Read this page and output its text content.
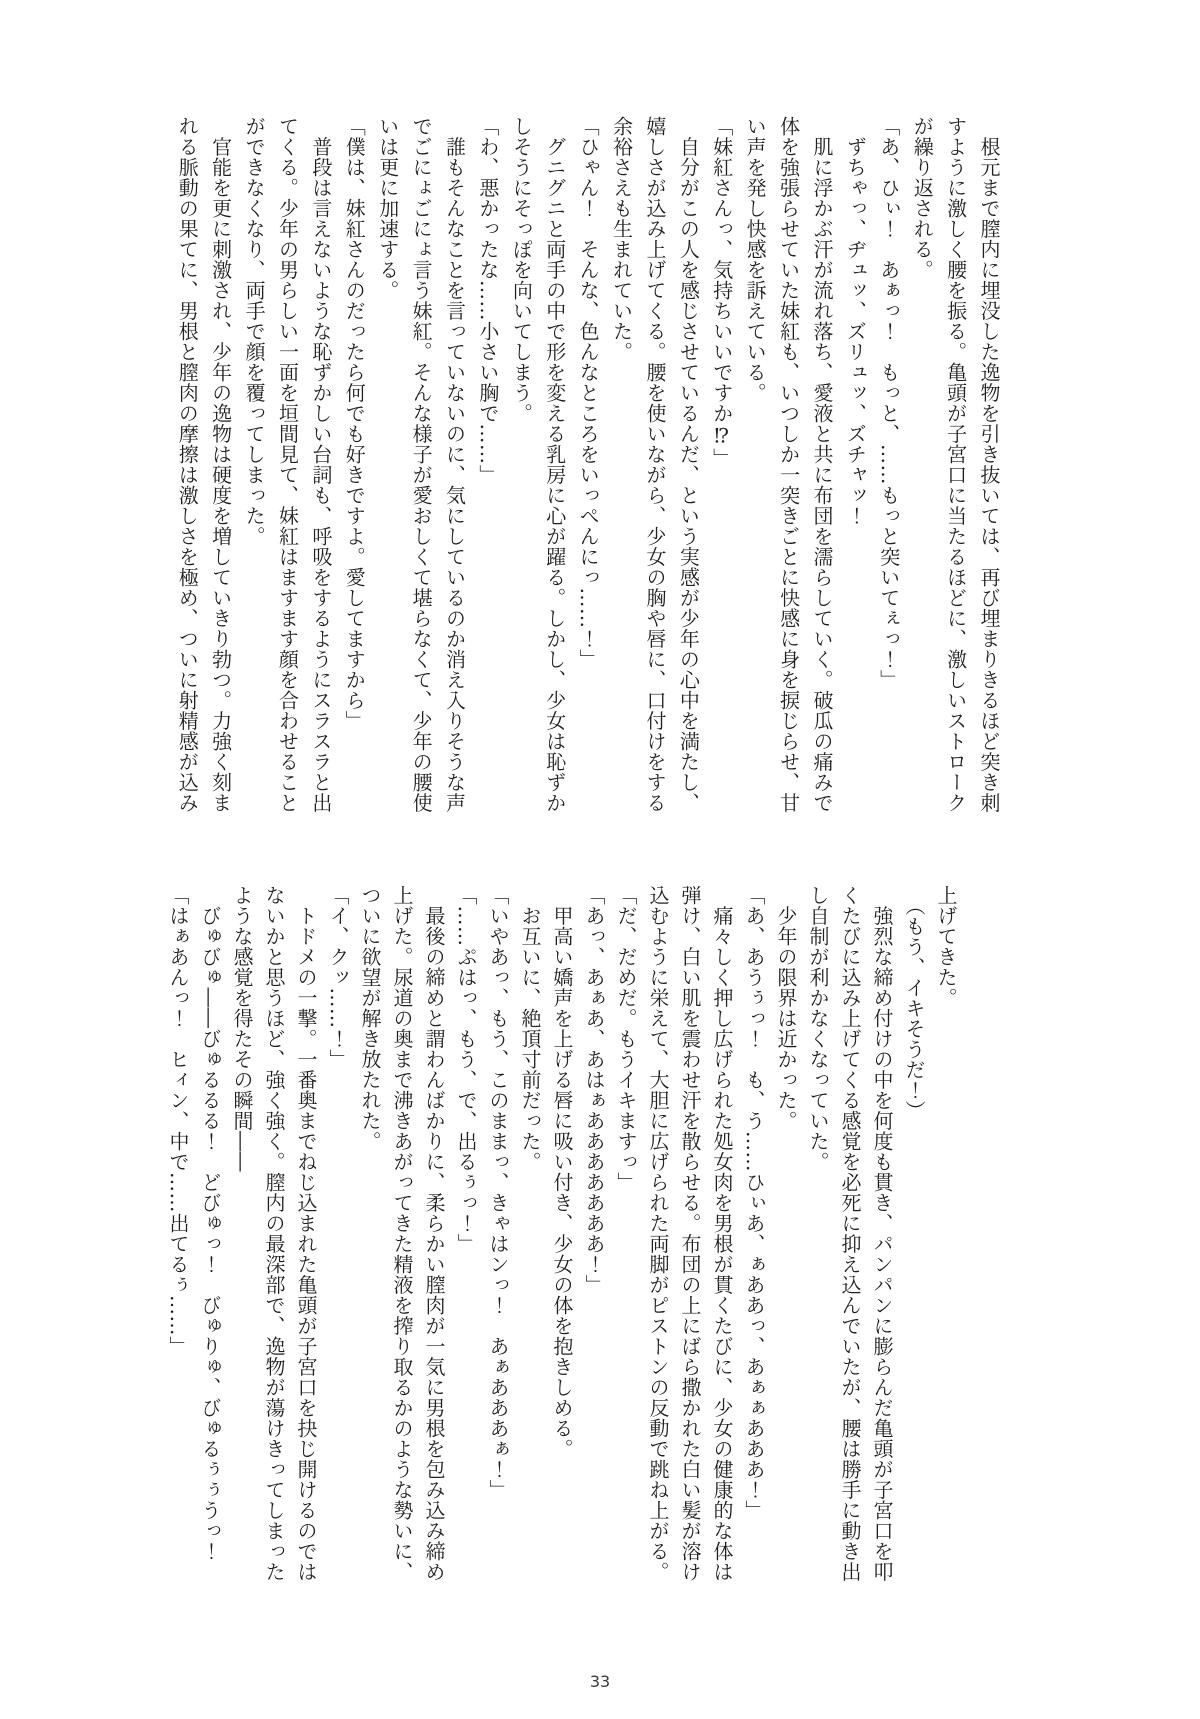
　根元まで膣内に埋没した逸物を引き抜いては、再び埋まりきるほど突き刺

すように激しく腰を振る。亀頭が子宮口に当たるほどに、激しいストローク

が繰り返される。

「あ、ひぃ！　あぁっ！　もっと、……もっと突いてぇっ！」

　ずちゃっ、ヂュッ、ズリュッ、ズチャッ！

　肌に浮かぶ汗が流れ落ち、愛液と共に布団を濡らしていく。破瓜の痛みで

体を強張らせていた妹紅も、いつしか一突きごとに快感に身を捩じらせ、甘

い声を発し快感を訴えている。

「妹紅さんっ、気持ちいいですか⁉」

　自分がこの人を感じさせているんだ、という実感が少年の心中を満たし、

嬉しさが込み上げてくる。腰を使いながら、少女の胸や唇に、口付けをする

余裕さえも生まれていた。

「ひゃん！　そんな、色んなところをいっぺんにっ……！」

　グニグニと両手の中で形を変える乳房に心が躍る。しかし、少女は恥ずか

しそうにそっぽを向いてしまう。

「わ、悪かったな……小さい胸で……」

　誰もそんなことを言っていないのに、気にしているのか消え入りそうな声

でごにょごにょ言う妹紅。そんな様子が愛おしくて堪らなくて、少年の腰使

いは更に加速する。

「僕は、妹紅さんのだったら何でも好きですよ。愛してますから」

　普段は言えないような恥ずかしい台詞も、呼吸をするようにスラスラと出

てくる。少年の男らしい一面を垣間見て、妹紅はますます顔を合わせること

ができなくなり、両手で顔を覆ってしまった。

　官能を更に刺激され、少年の逸物は硬度を増していきり勃つ。力強く刻ま

れる脈動の果てに、男根と膣肉の摩擦は激しさを極め、ついに射精感が込み

上げてきた。

　（もう、イキそうだ！）

　強烈な締め付けの中を何度も貫き、パンパンに膨らんだ亀頭が子宮口を叩

くたびに込み上げてくる感覚を必死に抑え込んでいたが、腰は勝手に動き出

し自制が利かなくなっていた。

　少年の限界は近かった。

「あ、あうぅっ！　も、う……ひぃあ、ぁああっ、あぁぁあああ！」

　痛々しく押し広げられた処女肉を男根が貫くたびに、少女の健康的な体は

弾け、白い肌を震わせ汗を散らせる。布団の上にばら撒かれた白い髪が溶け

込むように栄えて、大胆に広げられた両脚がピストンの反動で跳ね上がる。

「だ、だめだ。もうイキますっ」

「あっ、あぁあ、あはぁあああああああ！」

　甲高い嬌声を上げる唇に吸い付き、少女の体を抱きしめる。

　お互いに、絶頂寸前だった。

「いやあっ、もう、このままっ、きゃはンっ！　あぁあああぁ！」

「……ぷはっ、もう、で、出るぅっ！」

　最後の締めと謂わんばかりに、柔らかい膣肉が一気に男根を包み込み締め

上げた。尿道の奥まで沸きあがってきた精液を搾り取るかのような勢いに、

ついに欲望が解き放たれた。

「イ、クッ……！」

　トドメの一撃。一番奥までねじ込まれた亀頭が子宮口を抉じ開けるのでは

ないかと思うほど、強く強く。膣内の最深部で、逸物が蕩けきってしまった

ような感覚を得たその瞬間――

　びゅびゅ――びゅるるる！　どびゅっ！　びゅりゅ、びゅるぅぅうっ！

「はぁあんっ！　ヒィン、中で……出てるぅ……」

33
